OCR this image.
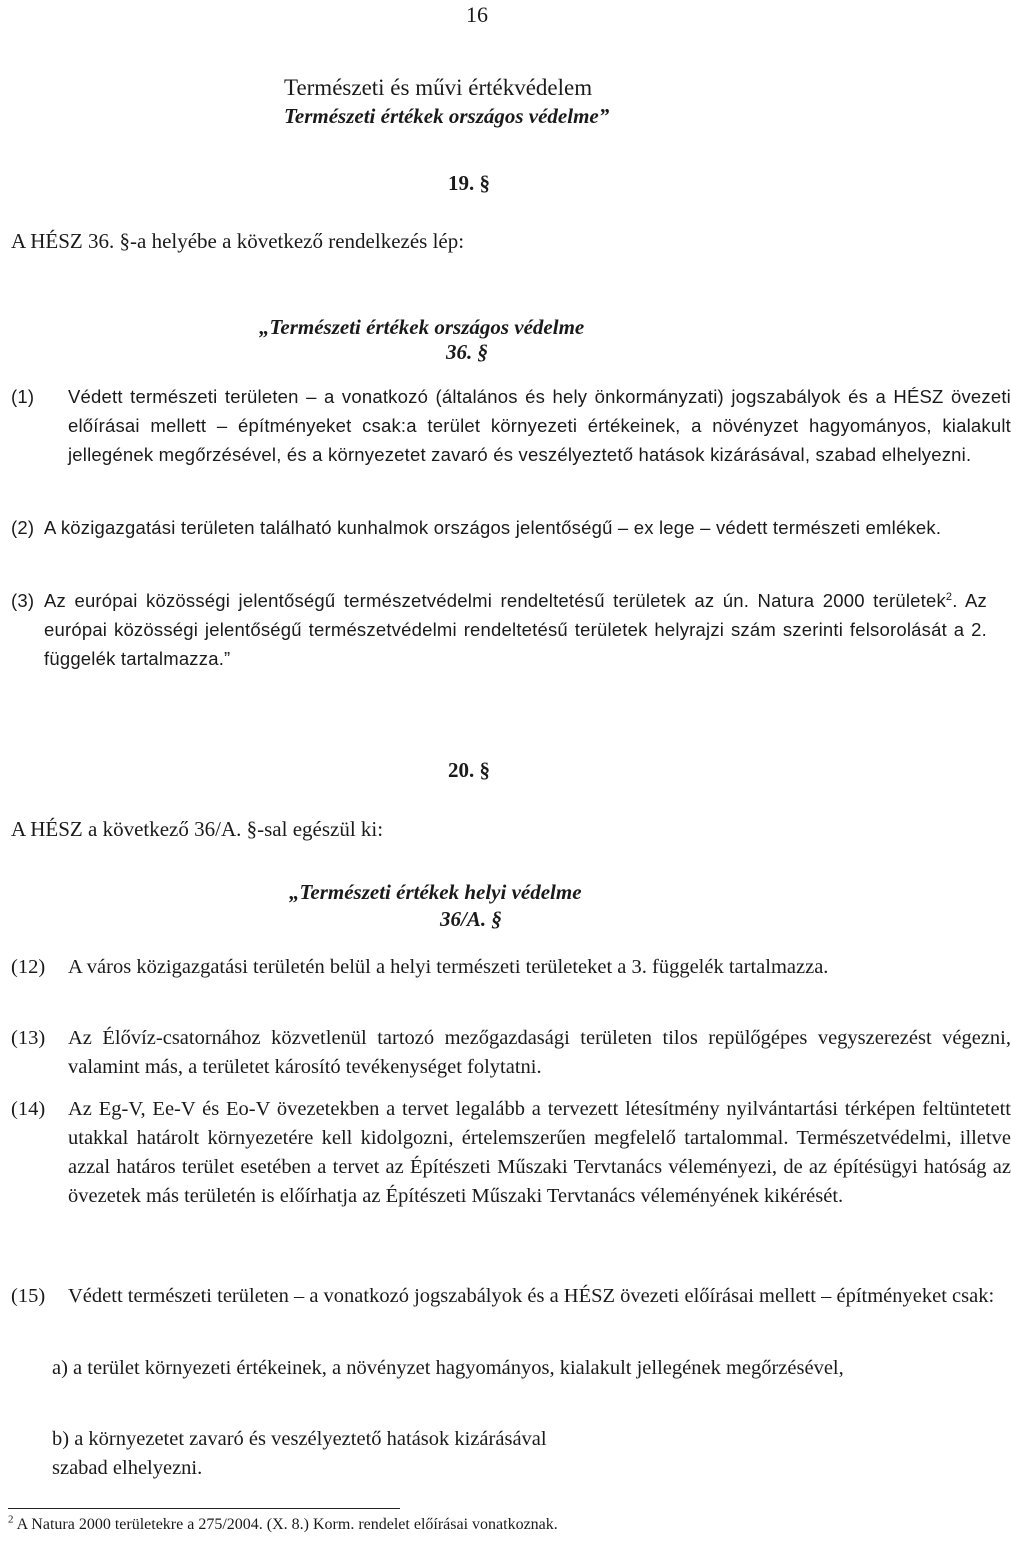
16
Természeti és művi értékvédelem
Természeti értékek országos védelme”
19. §
A HÉSZ 36. §-a helyébe a következő rendelkezés lép:
„Természeti értékek országos védelme
36. §
(1) Védett természeti területen – a vonatkozó (általános és hely önkormányzati) jogszabályok és a HÉSZ övezeti előírásai mellett – építményeket csak:a terület környezeti értékeinek, a növényzet hagyományos, kialakult jellegének megőrzésével, és a környezetet zavaró és veszélyeztető hatások kizárásával, szabad elhelyezni.
(2) A közigazgatási területen található kunhalmok országos jelentőségű – ex lege – védett természeti emlékek.
(3) Az európai közösségi jelentőségű természetvédelmi rendeltetésű területek az ún. Natura 2000 területek$^2$. Az európai közösségi jelentőségű természetvédelmi rendeltetésű területek helyrajzi szám szerinti felsorolását a 2. függelék tartalmazza.”
20. §
A HÉSZ a következő 36/A. §-sal egészül ki:
„Természeti értékek helyi védelme
36/A. §
(12) A város közigazgatási területén belül a helyi természeti területeket a 3. függelék tartalmazza.
(13) Az Élővíz-csatornához közvetlenül tartozó mezőgazdasági területen tilos repülőgépes vegyszerezést végezni, valamint más, a területet károsító tevékenységet folytatni.
(14) Az Eg-V, Ee-V és Eo-V övezetekben a tervet legalább a tervezett létesítmény nyilvántartási térképen feltüntetett utakkal határolt környezetére kell kidolgozni, értelemszerűen megfelelő tartalommal. Természetvédelmi, illetve azzal határos terület esetében a tervet az Építészeti Műszaki Tervtanács véleményezi, de az építésügyi hatóság az övezetek más területén is előírhatja az Építészeti Műszaki Tervtanács véleményének kikérését.
(15) Védett természeti területen – a vonatkozó jogszabályok és a HÉSZ övezeti előírásai mellett – építményeket csak:
a) a terület környezeti értékeinek, a növényzet hagyományos, kialakult jellegének megőrzésével,
b) a környezetet zavaró és veszélyeztető hatások kizárásával
szabad elhelyezni.
$^2$ A Natura 2000 területekre a 275/2004. (X. 8.) Korm. rendelet előírásai vonatkoznak.
